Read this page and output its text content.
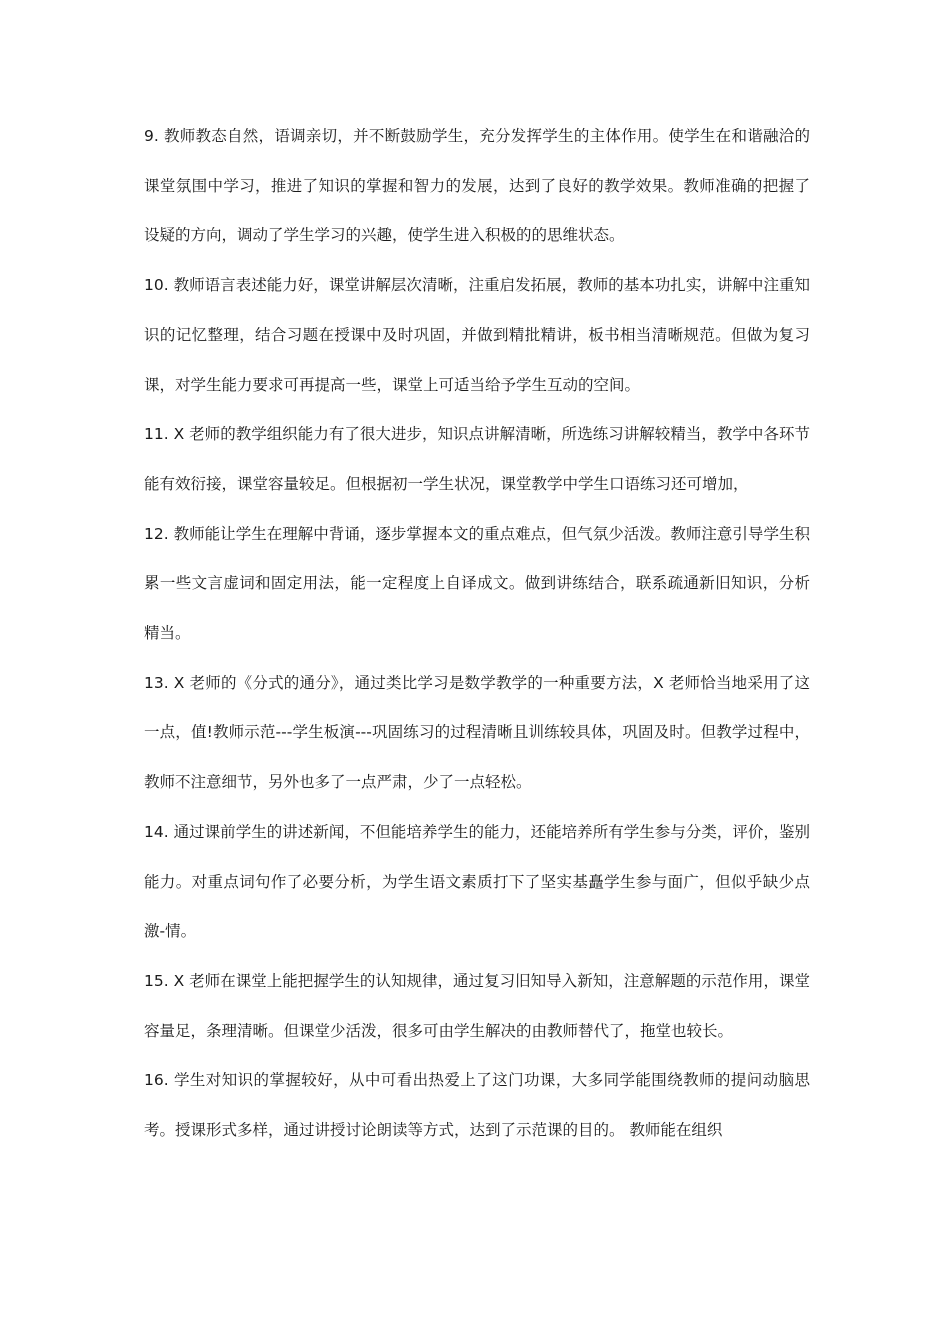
9. 教师教态自然，语调亲切，并不断鼓励学生，充分发挥学生的主体作用。使学生在和谐融洽的课堂氛围中学习，推进了知识的掌握和智力的发展，达到了良好的教学效果。教师准确的把握了设疑的方向，调动了学生学习的兴趣，使学生进入积极的的思维状态。

10. 教师语言表述能力好，课堂讲解层次清晰，注重启发拓展，教师的基本功扎实，讲解中注重知识的记忆整理，结合习题在授课中及时巩固，并做到精批精讲，板书相当清晰规范。但做为复习课，对学生能力要求可再提高一些，课堂上可适当给予学生互动的空间。

11. X 老师的教学组织能力有了很大进步，知识点讲解清晰，所选练习讲解较精当，教学中各环节能有效衍接，课堂容量较足。但根据初一学生状况，课堂教学中学生口语练习还可增加，

12. 教师能让学生在理解中背诵，逐步掌握本文的重点难点，但气氛少活泼。教师注意引导学生积累一些文言虚词和固定用法，能一定程度上自译成文。做到讲练结合，联系疏通新旧知识，分析精当。

13. X 老师的《分式的通分》，通过类比学习是数学教学的一种重要方法，X 老师恰当地采用了这一点，值!教师示范---学生板演---巩固练习的过程清晰且训练较具体，巩固及时。但教学过程中，教师不注意细节，另外也多了一点严肃，少了一点轻松。

14. 通过课前学生的讲述新闻，不但能培养学生的能力，还能培养所有学生参与分类，评价，鉴别能力。对重点词句作了必要分析，为学生语文素质打下了坚实基矗学生参与面广，但似乎缺少点激-情。

15. X 老师在课堂上能把握学生的认知规律，通过复习旧知导入新知，注意解题的示范作用，课堂容量足，条理清晰。但课堂少活泼，很多可由学生解决的由教师替代了，拖堂也较长。

16. 学生对知识的掌握较好，从中可看出热爱上了这门功课，大多同学能围绕教师的提问动脑思考。授课形式多样，通过讲授讨论朗读等方式，达到了示范课的目的。 教师能在组织
